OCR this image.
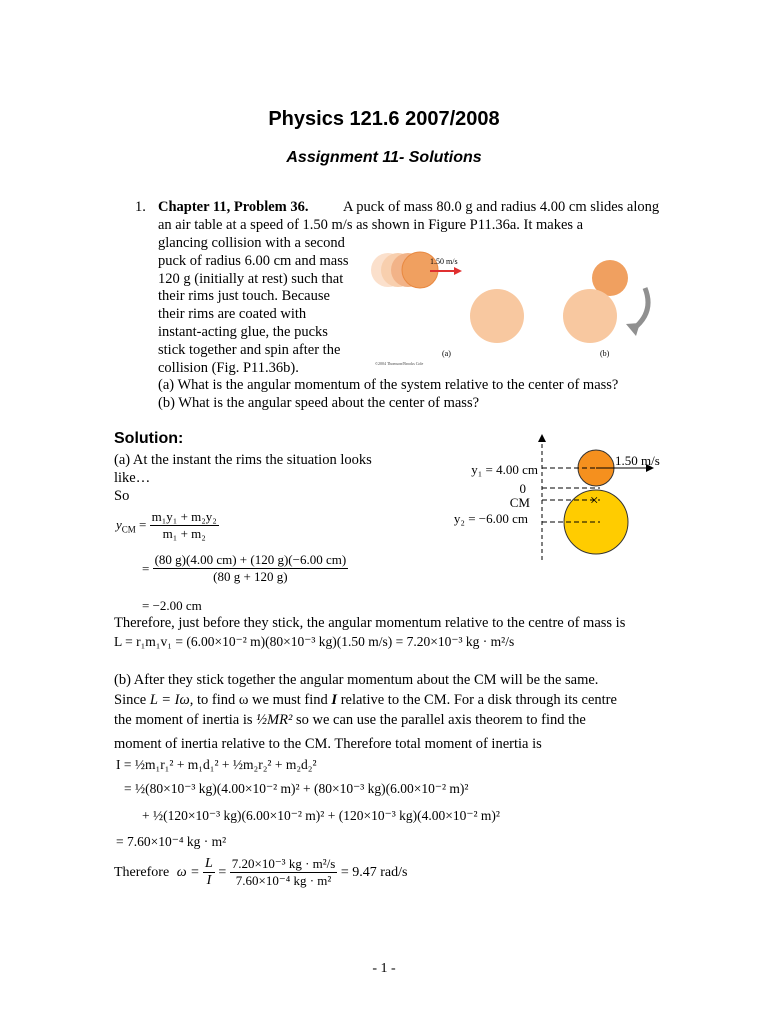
Physics 121.6 2007/2008
Assignment 11- Solutions
1. Chapter 11, Problem 36. A puck of mass 80.0 g and radius 4.00 cm slides along
an air table at a speed of 1.50 m/s as shown in Figure P11.36a. It makes a
glancing collision with a second
puck of radius 6.00 cm and mass
120 g (initially at rest) such that
their rims just touch. Because
their rims are coated with
instant-acting glue, the pucks
stick together and spin after the
collision (Fig. P11.36b).
(a) What is the angular momentum of the system relative to the center of mass?
(b) What is the angular speed about the center of mass?
1.50 m/s
(a)	(b)
©2004 Thomson/Brooks Cole
Solution:
(a) At the instant the rims the situation looks
like…
So
$y_{CM} = \frac{\text{m₁y₁ + m₂y₂}}{\text{m₁ + m₂}}$
= $\frac{(80 g)(4.00 cm) + (120 g)(-6.00 cm)}{(80 g + 120 g)}$
= −2.00 cm
×
1.50 m/s
y₁ = 4.00 cm
0
CM
y₂ = −6.00 cm
Therefore, just before they stick, the angular momentum relative to the centre of mass is
L = r₁m₁v₁ = (6.00×10⁻² m)(80×10⁻³ kg)(1.50 m/s) = 7.20×10⁻³ kg · m²/s
(b) After they stick together the angular momentum about the CM will be the same.
Since L = Iω, to find ω we must find I relative to the CM. For a disk through its centre
the moment of inertia is ½MR² so we can use the parallel axis theorem to find the
moment of inertia relative to the CM. Therefore total moment of inertia is
I = ½m₁r₁² + m₁d₁² + ½m₂r₂² + m₂d₂²
= ½(80×10⁻³ kg)(4.00×10⁻² m)² + (80×10⁻³ kg)(6.00×10⁻² m)²
+ ½(120×10⁻³ kg)(6.00×10⁻² m)² + (120×10⁻³ kg)(4.00×10⁻² m)²
= 7.60×10⁻⁴ kg · m²
Therefore $\omega = \frac{L}{I} = \frac{\text{7.20×10⁻³ kg · m²/s}}{\text{7.60×10⁻⁴ kg · m²}} = 9.47$ rad/s
- 1 -
